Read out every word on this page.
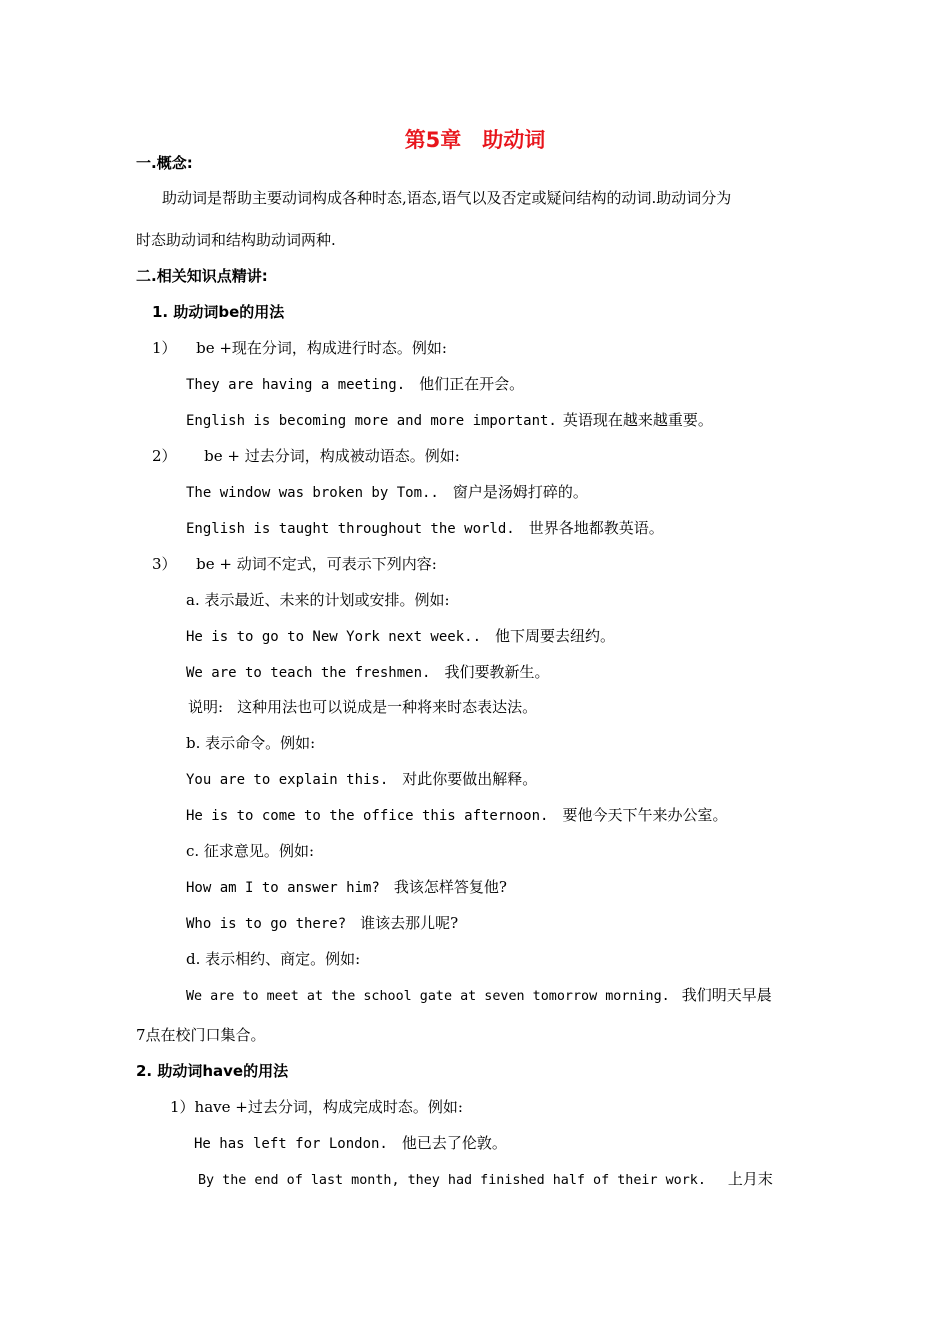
第5章　助动词
一.概念:
助动词是帮助主要动词构成各种时态,语态,语气以及否定或疑问结构的动词.助动词分为
时态助动词和结构助动词两种.
二.相关知识点精讲:
1. 助动词be的用法
1） be +现在分词，构成进行时态。例如:
They are having a meeting. 他们正在开会。
English is becoming more and more important. 英语现在越来越重要。
2） be + 过去分词，构成被动语态。例如:
The window was broken by Tom.. 窗户是汤姆打碎的。
English is taught throughout the world. 世界各地都教英语。
3） be + 动词不定式，可表示下列内容:
a. 表示最近、未来的计划或安排。例如:
He is to go to New York next week.. 他下周要去纽约。
We are to teach the freshmen. 我们要教新生。
说明: 这种用法也可以说成是一种将来时态表达法。
b. 表示命令。例如:
You are to explain this. 对此你要做出解释。
He is to come to the office this afternoon. 要他今天下午来办公室。
c. 征求意见。例如:
How am I to answer him? 我该怎样答复他?
Who is to go there? 谁该去那儿呢?
d. 表示相约、商定。例如:
We are to meet at the school gate at seven tomorrow morning. 我们明天早晨
7点在校门口集合。
2. 助动词have的用法
1）have +过去分词，构成完成时态。例如:
He has left for London. 他已去了伦敦。
By the end of last month, they had finished half of their work. 上月末
